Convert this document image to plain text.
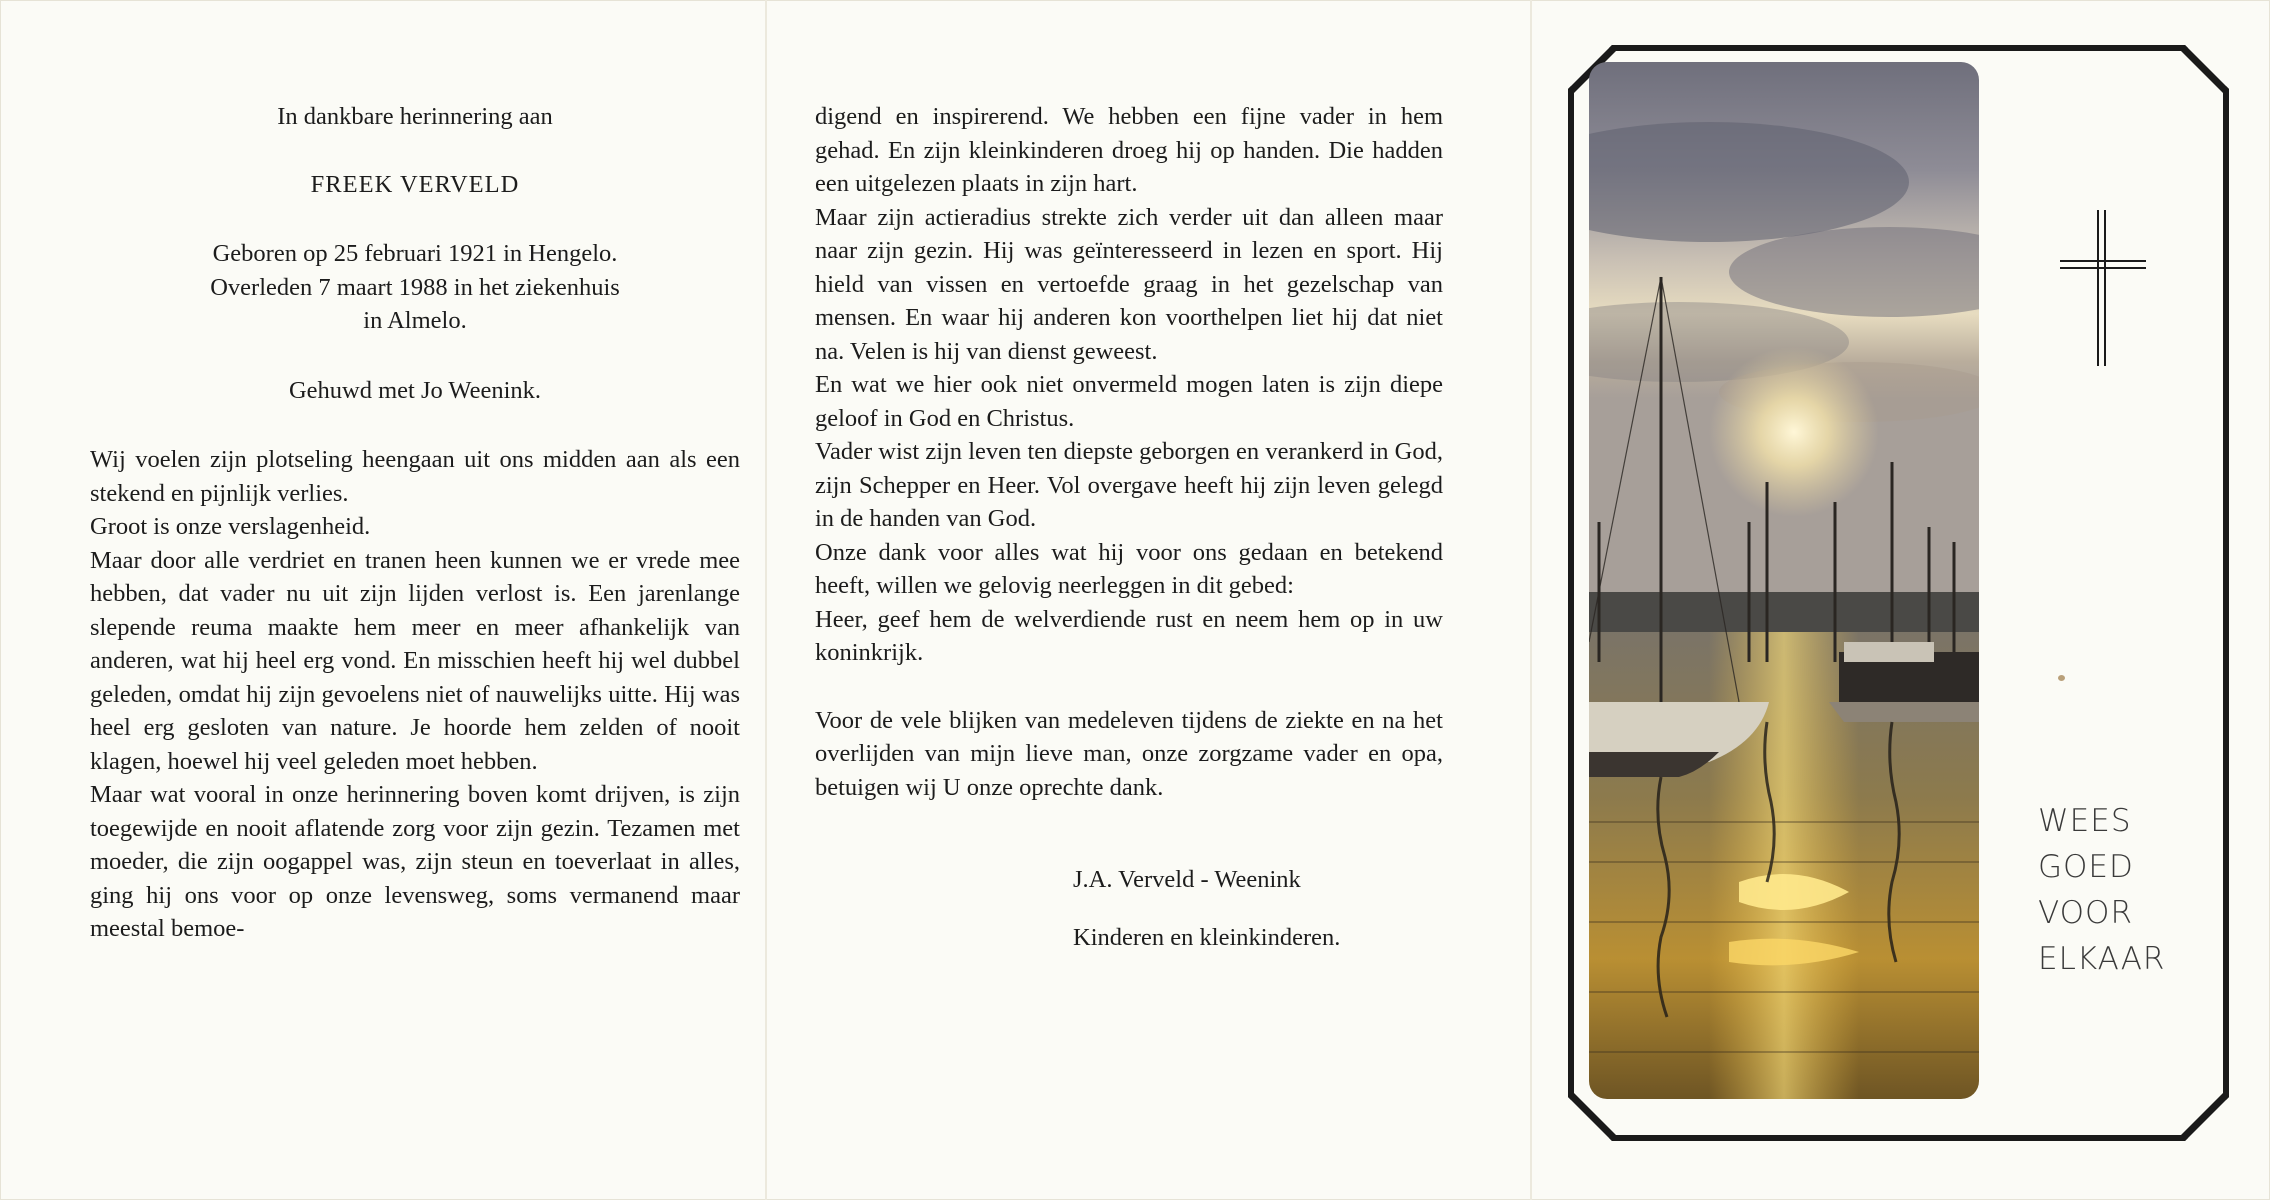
In dankbare herinnering aan

FREEK VERVELD

Geboren op 25 februari 1921 in Hengelo.

Overleden 7 maart 1988 in het ziekenhuis

in Almelo.

Gehuwd met Jo Weenink.

Wij voelen zijn plotseling heengaan uit ons midden aan als een stekend en pijnlijk verlies.

Groot is onze verslagenheid.

Maar door alle verdriet en tranen heen kunnen we er vrede mee hebben, dat vader nu uit zijn lijden verlost is. Een jarenlange slepende reuma maakte hem meer en meer afhankelijk van anderen, wat hij heel erg vond. En misschien heeft hij wel dubbel geleden, omdat hij zijn gevoelens niet of nauwelijks uitte. Hij was heel erg gesloten van nature. Je hoorde hem zelden of nooit klagen, hoewel hij veel geleden moet hebben.

Maar wat vooral in onze herinnering boven komt drijven, is zijn toegewijde en nooit aflatende zorg voor zijn gezin. Tezamen met moeder, die zijn oogappel was, zijn steun en toeverlaat in alles, ging hij ons voor op onze levensweg, soms vermanend maar meestal bemoe-

digend en inspirerend. We hebben een fijne vader in hem gehad. En zijn kleinkinderen droeg hij op handen. Die hadden een uitgelezen plaats in zijn hart.

Maar zijn actieradius strekte zich verder uit dan alleen maar naar zijn gezin. Hij was geïnteresseerd in lezen en sport. Hij hield van vissen en vertoefde graag in het gezelschap van mensen. En waar hij anderen kon voorthelpen liet hij dat niet na. Velen is hij van dienst geweest.

En wat we hier ook niet onvermeld mogen laten is zijn diepe geloof in God en Christus.

Vader wist zijn leven ten diepste geborgen en verankerd in God, zijn Schepper en Heer. Vol overgave heeft hij zijn leven gelegd in de handen van God.

Onze dank voor alles wat hij voor ons gedaan en betekend heeft, willen we gelovig neerleggen in dit gebed:

Heer, geef hem de welverdiende rust en neem hem op in uw koninkrijk.

Voor de vele blijken van medeleven tijdens de ziekte en na het overlijden van mijn lieve man, onze zorgzame vader en opa, betuigen wij U onze oprechte dank.

J.A. Verveld - Weenink

Kinderen en kleinkinderen.

WEES
GOED
VOOR
ELKAAR
